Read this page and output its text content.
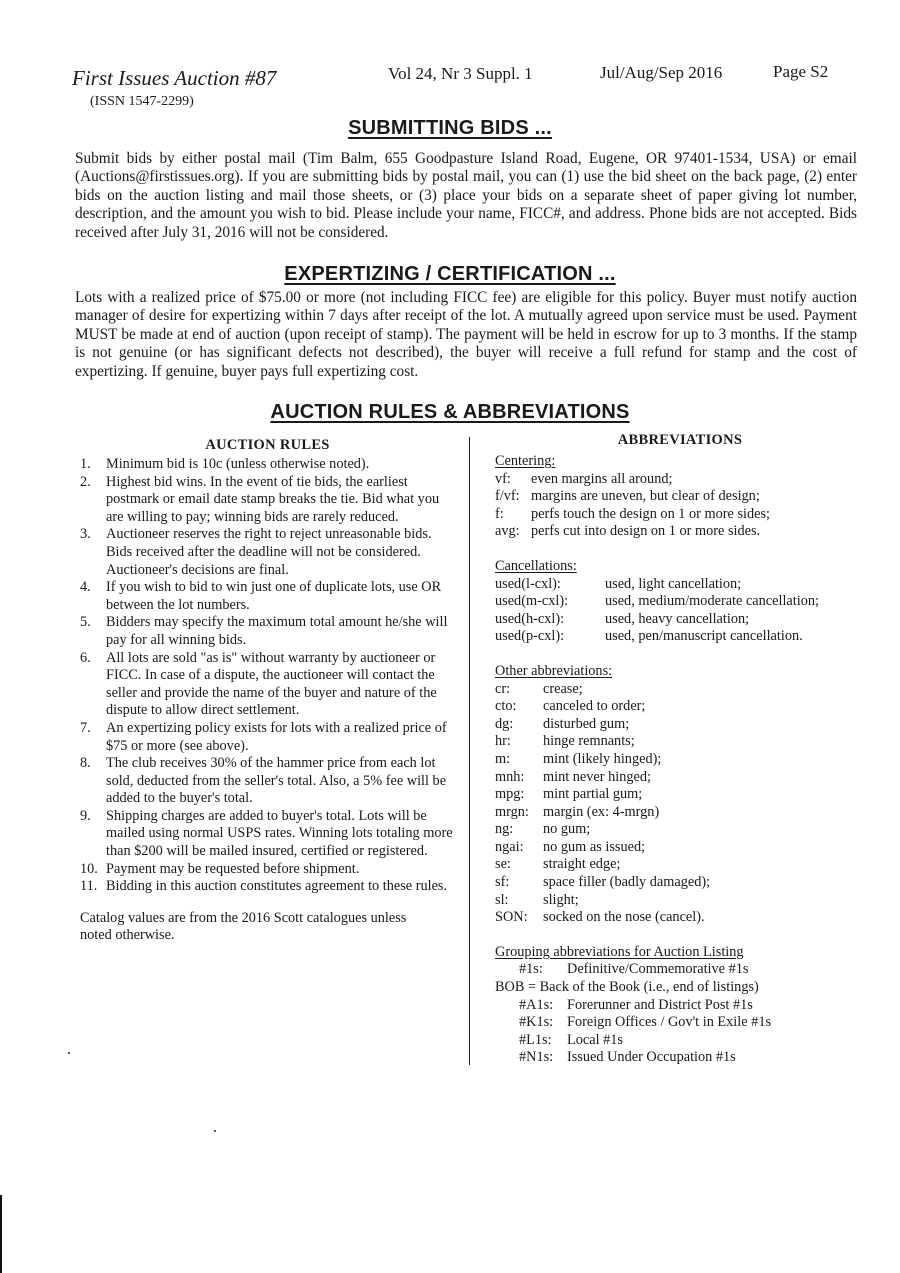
First Issues Auction #87	Vol 24, Nr 3 Suppl. 1	Jul/Aug/Sep 2016	Page S2
(ISSN 1547-2299)
SUBMITTING BIDS ...
Submit bids by either postal mail (Tim Balm, 655 Goodpasture Island Road, Eugene, OR 97401-1534, USA) or email (Auctions@firstissues.org). If you are submitting bids by postal mail, you can (1) use the bid sheet on the back page, (2) enter bids on the auction listing and mail those sheets, or (3) place your bids on a separate sheet of paper giving lot number, description, and the amount you wish to bid. Please include your name, FICC#, and address. Phone bids are not accepted. Bids received after July 31, 2016 will not be considered.
EXPERTIZING / CERTIFICATION ...
Lots with a realized price of $75.00 or more (not including FICC fee) are eligible for this policy. Buyer must notify auction manager of desire for expertizing within 7 days after receipt of the lot. A mutually agreed upon service must be used. Payment MUST be made at end of auction (upon receipt of stamp). The payment will be held in escrow for up to 3 months. If the stamp is not genuine (or has significant defects not described), the buyer will receive a full refund for stamp and the cost of expertizing. If genuine, buyer pays full expertizing cost.
AUCTION RULES & ABBREVIATIONS
AUCTION RULES
1. Minimum bid is 10c (unless otherwise noted).
2. Highest bid wins. In the event of tie bids, the earliest postmark or email date stamp breaks the tie. Bid what you are willing to pay; winning bids are rarely reduced.
3. Auctioneer reserves the right to reject unreasonable bids. Bids received after the deadline will not be considered. Auctioneer's decisions are final.
4. If you wish to bid to win just one of duplicate lots, use OR between the lot numbers.
5. Bidders may specify the maximum total amount he/she will pay for all winning bids.
6. All lots are sold "as is" without warranty by auctioneer or FICC. In case of a dispute, the auctioneer will contact the seller and provide the name of the buyer and nature of the dispute to allow direct settlement.
7. An expertizing policy exists for lots with a realized price of $75 or more (see above).
8. The club receives 30% of the hammer price from each lot sold, deducted from the seller's total. Also, a 5% fee will be added to the buyer's total.
9. Shipping charges are added to buyer's total. Lots will be mailed using normal USPS rates. Winning lots totaling more than $200 will be mailed insured, certified or registered.
10. Payment may be requested before shipment.
11. Bidding in this auction constitutes agreement to these rules.
Catalog values are from the 2016 Scott catalogues unless noted otherwise.
ABBREVIATIONS
Centering:
vf:	even margins all around;
f/vf: margins are uneven, but clear of design;
f:	perfs touch the design on 1 or more sides;
avg: perfs cut into design on 1 or more sides.
Cancellations:
used(l-cxl):	used, light cancellation;
used(m-cxl):	used, medium/moderate cancellation;
used(h-cxl):	used, heavy cancellation;
used(p-cxl):	used, pen/manuscript cancellation.
Other abbreviations:
cr:	crease;
cto:	canceled to order;
dg:	disturbed gum;
hr:	hinge remnants;
m:	mint (likely hinged);
mnh:	mint never hinged;
mpg:	mint partial gum;
mrgn: margin (ex: 4-mrgn)
ng:	no gum;
ngai:	no gum as issued;
se:	straight edge;
sf:	space filler (badly damaged);
sl:	slight;
SON:	socked on the nose (cancel).
Grouping abbreviations for Auction Listing
#1s: Definitive/Commemorative #1s
BOB = Back of the Book (i.e., end of listings)
#A1s: Forerunner and District Post #1s
#K1s: Foreign Offices / Gov't in Exile #1s
#L1s: Local #1s
#N1s: Issued Under Occupation #1s
